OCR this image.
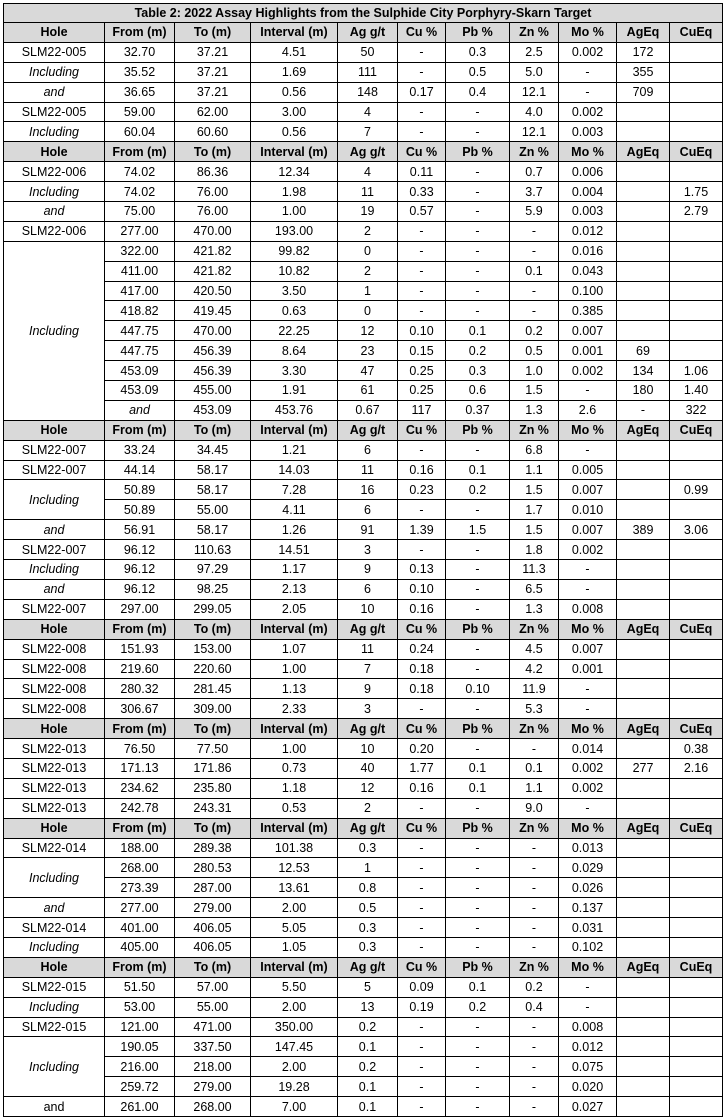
Table 2: 2022 Assay Highlights from the Sulphide City Porphyry-Skarn Target
Hole	From (m)	To (m)	Interval (m)	Ag g/t	Cu %	Pb %	Zn %	Mo %	AgEq	CuEq	
SLM22-005	32.70	37.21	4.51	50	-	0.3	2.5	0.002	172		
Including	35.52	37.21	1.69	111	-	0.5	5.0	-	355		
and	36.65	37.21	0.56	148	0.17	0.4	12.1	-	709		
SLM22-005	59.00	62.00	3.00	4	-	-	4.0	0.002			
Including	60.04	60.60	0.56	7	-	-	12.1	0.003			
Hole	From (m)	To (m)	Interval (m)	Ag g/t	Cu %	Pb %	Zn %	Mo %	AgEq	CuEq	
SLM22-006	74.02	86.36	12.34	4	0.11	-	0.7	0.006			
Including	74.02	76.00	1.98	11	0.33	-	3.7	0.004		1.75	
and	75.00	76.00	1.00	19	0.57	-	5.9	0.003		2.79	
SLM22-006	277.00	470.00	193.00	2	-	-	-	0.012			
Including	322.00	421.82	99.82	0	-	-	-	0.016			
	411.00	421.82	10.82	2	-	-	0.1	0.043			
	417.00	420.50	3.50	1	-	-	-	0.100			
	418.82	419.45	0.63	0	-	-	-	0.385			
	447.75	470.00	22.25	12	0.10	0.1	0.2	0.007			
	447.75	456.39	8.64	23	0.15	0.2	0.5	0.001	69		
	453.09	456.39	3.30	47	0.25	0.3	1.0	0.002	134	1.06	
	453.09	455.00	1.91	61	0.25	0.6	1.5	-	180	1.40	
	and	453.09	453.76	0.67	117	0.37	1.3	2.6	-	322	
Hole	From (m)	To (m)	Interval (m)	Ag g/t	Cu %	Pb %	Zn %	Mo %	AgEq	CuEq	
SLM22-007	33.24	34.45	1.21	6	-	-	6.8	-			
SLM22-007	44.14	58.17	14.03	11	0.16	0.1	1.1	0.005			
Including	50.89	58.17	7.28	16	0.23	0.2	1.5	0.007		0.99	
	50.89	55.00	4.11	6	-	-	1.7	0.010			
and	56.91	58.17	1.26	91	1.39	1.5	1.5	0.007	389	3.06	
SLM22-007	96.12	110.63	14.51	3	-	-	1.8	0.002			
Including	96.12	97.29	1.17	9	0.13	-	11.3	-			
and	96.12	98.25	2.13	6	0.10	-	6.5	-			
SLM22-007	297.00	299.05	2.05	10	0.16	-	1.3	0.008			
Hole	From (m)	To (m)	Interval (m)	Ag g/t	Cu %	Pb %	Zn %	Mo %	AgEq	CuEq	
SLM22-008	151.93	153.00	1.07	11	0.24	-	4.5	0.007			
SLM22-008	219.60	220.60	1.00	7	0.18	-	4.2	0.001			
SLM22-008	280.32	281.45	1.13	9	0.18	0.10	11.9	-			
SLM22-008	306.67	309.00	2.33	3	-	-	5.3	-			
Hole	From (m)	To (m)	Interval (m)	Ag g/t	Cu %	Pb %	Zn %	Mo %	AgEq	CuEq	
SLM22-013	76.50	77.50	1.00	10	0.20	-	-	0.014		0.38	
SLM22-013	171.13	171.86	0.73	40	1.77	0.1	0.1	0.002	277	2.16	
SLM22-013	234.62	235.80	1.18	12	0.16	0.1	1.1	0.002			
SLM22-013	242.78	243.31	0.53	2	-	-	9.0	-			
Hole	From (m)	To (m)	Interval (m)	Ag g/t	Cu %	Pb %	Zn %	Mo %	AgEq	CuEq	
SLM22-014	188.00	289.38	101.38	0.3	-	-	-	0.013			
Including	268.00	280.53	12.53	1	-	-	-	0.029			
	273.39	287.00	13.61	0.8	-	-	-	0.026			
and	277.00	279.00	2.00	0.5	-	-	-	0.137			
SLM22-014	401.00	406.05	5.05	0.3	-	-	-	0.031			
Including	405.00	406.05	1.05	0.3	-	-	-	0.102			
Hole	From (m)	To (m)	Interval (m)	Ag g/t	Cu %	Pb %	Zn %	Mo %	AgEq	CuEq	
SLM22-015	51.50	57.00	5.50	5	0.09	0.1	0.2	-			
Including	53.00	55.00	2.00	13	0.19	0.2	0.4	-			
SLM22-015	121.00	471.00	350.00	0.2	-	-	-	0.008			
Including	190.05	337.50	147.45	0.1	-	-	-	0.012			
	216.00	218.00	2.00	0.2	-	-	-	0.075			
	259.72	279.00	19.28	0.1	-	-	-	0.020			
and	261.00	268.00	7.00	0.1	-	-	-	0.027			
